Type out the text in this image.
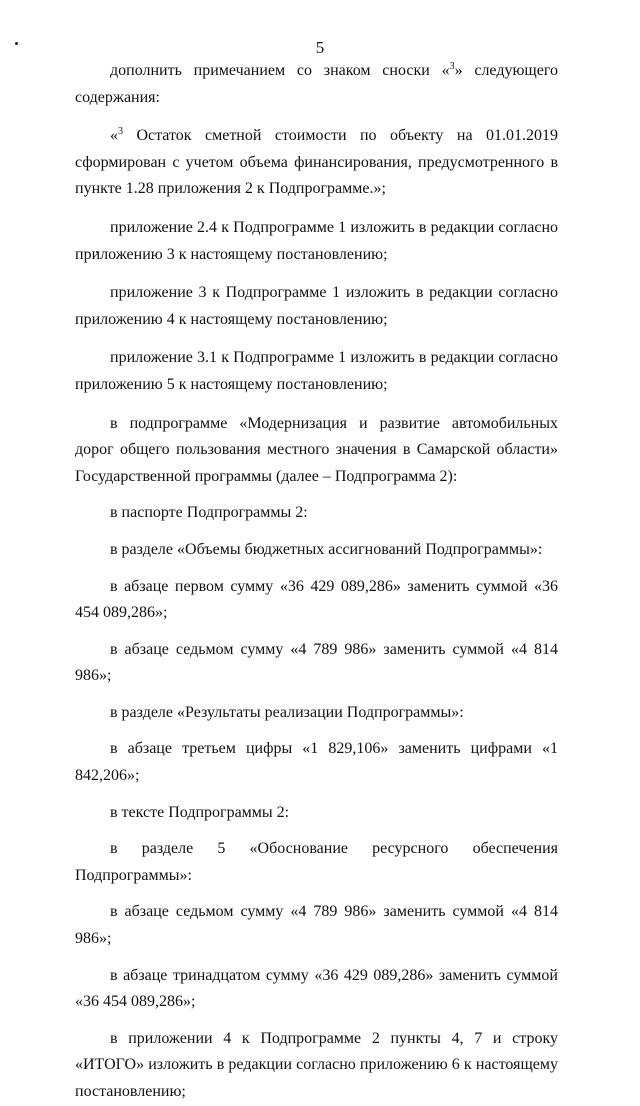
5

дополнить примечанием со знаком сноски «$^3$» следующего содержания:

«$^3$ Остаток сметной стоимости по объекту на 01.01.2019 сформирован с учетом объема финансирования, предусмотренного в пункте 1.28 приложения 2 к Подпрограмме.»;

приложение 2.4 к Подпрограмме 1 изложить в редакции согласно приложению 3 к настоящему постановлению;

приложение 3 к Подпрограмме 1 изложить в редакции согласно приложению 4 к настоящему постановлению;

приложение 3.1 к Подпрограмме 1 изложить в редакции согласно приложению 5 к настоящему постановлению;

в подпрограмме «Модернизация и развитие автомобильных дорог общего пользования местного значения в Самарской области» Государственной программы (далее – Подпрограмма 2):

в паспорте Подпрограммы 2:

в разделе «Объемы бюджетных ассигнований Подпрограммы»:

в абзаце первом сумму «36 429 089,286» заменить суммой «36 454 089,286»;

в абзаце седьмом сумму «4 789 986» заменить суммой «4 814 986»;

в разделе «Результаты реализации Подпрограммы»:

в абзаце третьем цифры «1 829,106» заменить цифрами «1 842,206»;

в тексте Подпрограммы 2:

в разделе 5 «Обоснование ресурсного обеспечения Подпрограммы»:

в абзаце седьмом сумму «4 789 986» заменить суммой «4 814 986»;

в абзаце тринадцатом сумму «36 429 089,286» заменить суммой «36 454 089,286»;

в приложении 4 к Подпрограмме 2 пункты 4, 7 и строку «ИТОГО» изложить в редакции согласно приложению 6 к настоящему постановлению;
